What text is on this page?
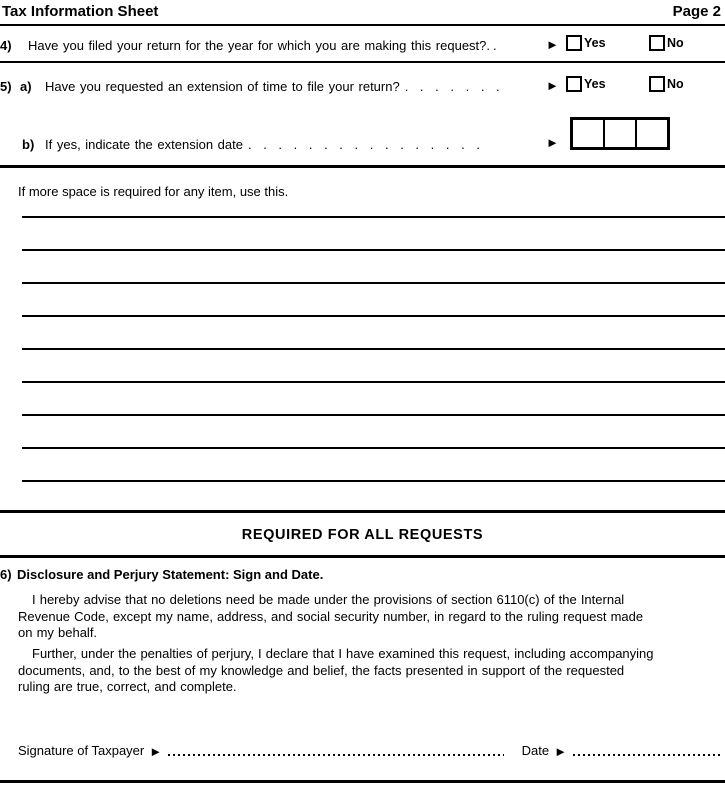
Tax Information Sheet	Page 2
4) Have you filed your return for the year for which you are making this request?. .	► Yes	No
5) a) Have you requested an extension of time to file your return? . . . . . . .	► Yes	No
b) If yes, indicate the extension date . . . . . . . . . . . . . . . .	►
If more space is required for any item, use this.
REQUIRED FOR ALL REQUESTS
6) Disclosure and Perjury Statement: Sign and Date.
I hereby advise that no deletions need be made under the provisions of section 6110(c) of the Internal
Revenue Code, except my name, address, and social security number, in regard to the ruling request made
on my behalf.
Further, under the penalties of perjury, I declare that I have examined this request, including accompanying
documents, and, to the best of my knowledge and belief, the facts presented in support of the requested
ruling are true, correct, and complete.
Signature of Taxpayer ►	Date ►
